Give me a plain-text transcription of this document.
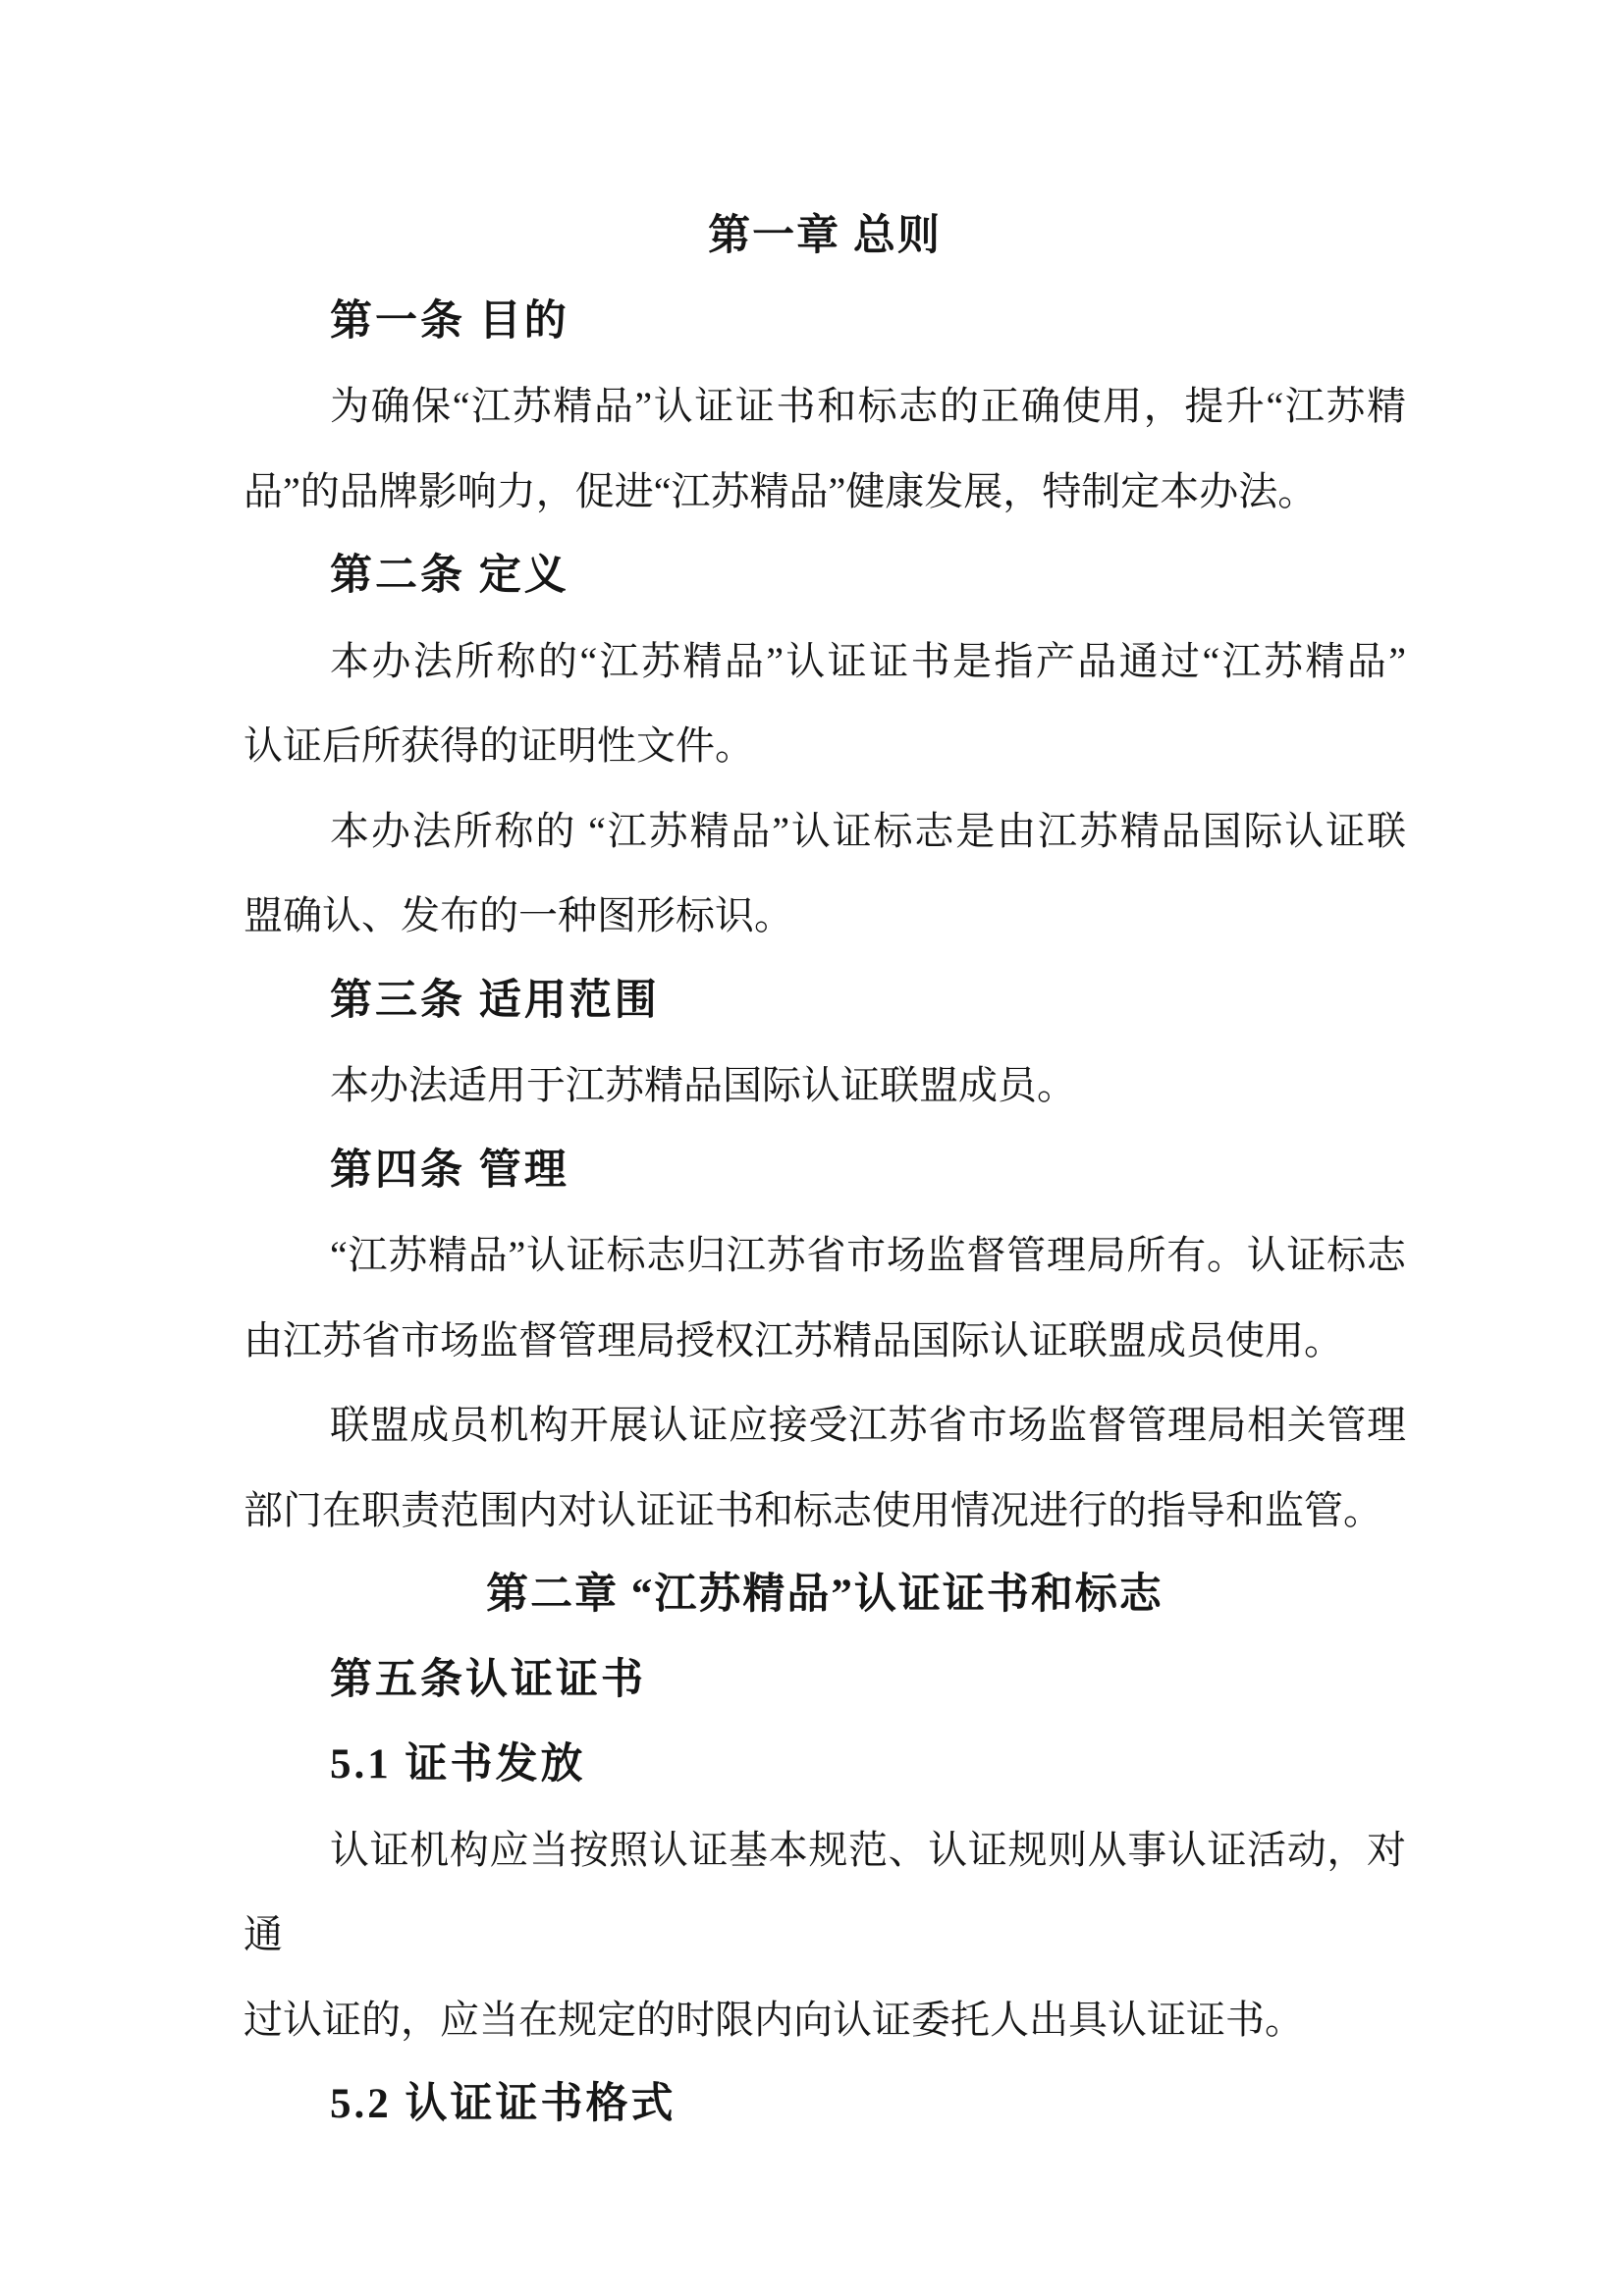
第一章 总则
第一条 目的
为确保“江苏精品”认证证书和标志的正确使用，提升“江苏精
品”的品牌影响力，促进“江苏精品”健康发展，特制定本办法。
第二条 定义
本办法所称的“江苏精品”认证证书是指产品通过“江苏精品”
认证后所获得的证明性文件。
本办法所称的 “江苏精品”认证标志是由江苏精品国际认证联
盟确认、发布的一种图形标识。
第三条 适用范围
本办法适用于江苏精品国际认证联盟成员。
第四条 管理
“江苏精品”认证标志归江苏省市场监督管理局所有。认证标志
由江苏省市场监督管理局授权江苏精品国际认证联盟成员使用。
联盟成员机构开展认证应接受江苏省市场监督管理局相关管理
部门在职责范围内对认证证书和标志使用情况进行的指导和监管。
第二章 “江苏精品”认证证书和标志
第五条认证证书
5.1 证书发放
认证机构应当按照认证基本规范、认证规则从事认证活动，对通
过认证的，应当在规定的时限内向认证委托人出具认证证书。
5.2 认证证书格式
